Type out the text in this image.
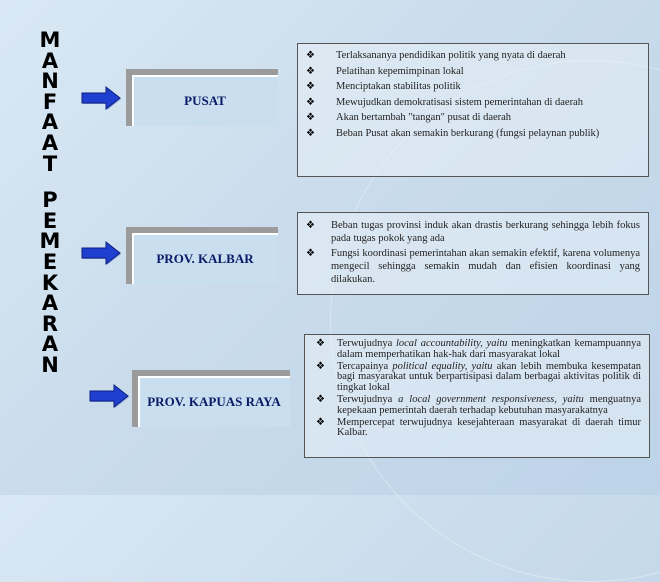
M
A
N
F
A
A
T
P
E
M
E
K
A
R
A
N
PUSAT
PROV. KALBAR
PROV. KAPUAS RAYA
❖ Terlaksananya pendidikan politik yang nyata di daerah
❖ Pelatihan kepemimpinan lokal
❖ Menciptakan stabilitas politik
❖ Mewujudkan demokratisasi sistem pemerintahan di daerah
❖ Akan bertambah "tangan" pusat di daerah
❖ Beban Pusat akan semakin berkurang (fungsi pelaynan publik)
❖ Beban tugas provinsi induk akan drastis berkurang sehingga lebih fokus pada tugas pokok yang ada
❖ Fungsi koordinasi pemerintahan akan semakin efektif, karena volumenya mengecil sehingga semakin mudah dan efisien koordinasi yang dilakukan.
❖ Terwujudnya local accountability, yaitu meningkatkan kemampuannya dalam memperhatikan hak-hak dari masyarakat lokal
❖ Tercapainya political equality, yaitu akan lebih membuka kesempatan bagi masyarakat untuk berpartisipasi dalam berbagai aktivitas politik di tingkat lokal
❖ Terwujudnya a local government responsiveness, yaitu menguatnya kepekaan pemerintah daerah terhadap kebutuhan masyarakatnya
❖ Mempercepat terwujudnya kesejahteraan masyarakat di daerah timur Kalbar.
